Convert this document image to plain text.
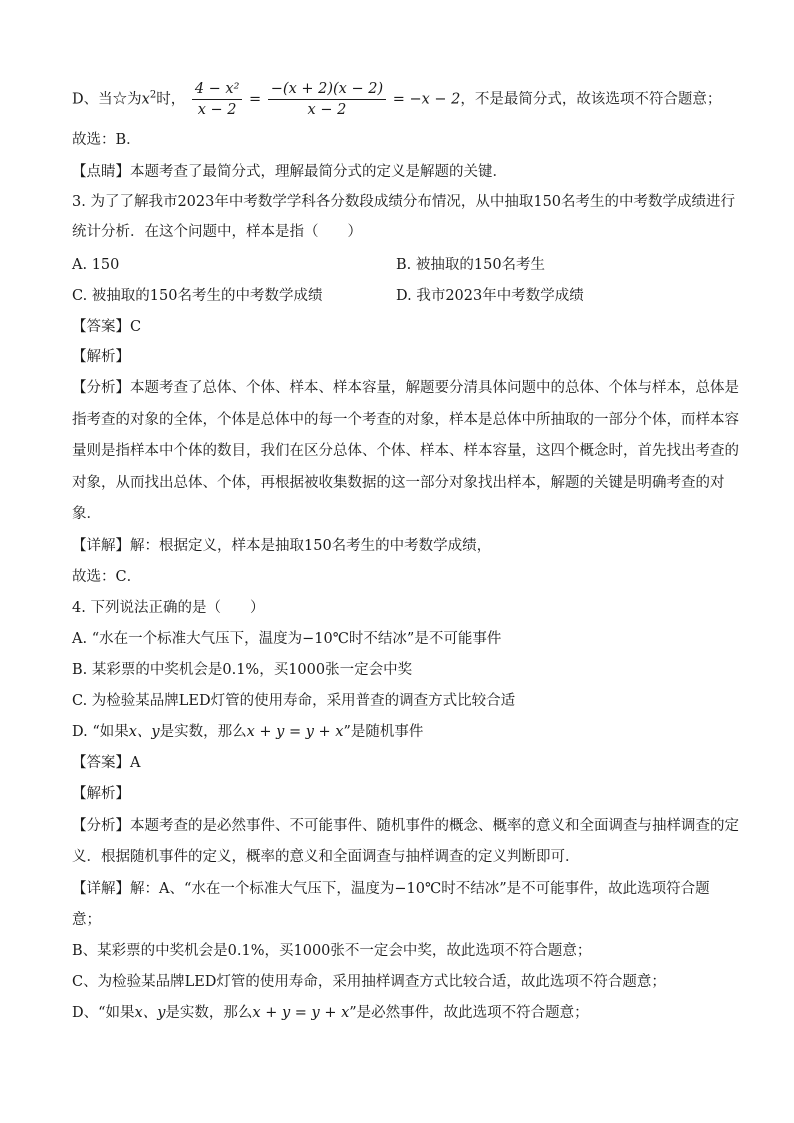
D、当☆为$x^2$时， $\frac{\text{4 − x²}}{x - 2} = \frac{-(x + 2)(x - 2)}{x - 2} = -x - 2$，不是最简分式，故该选项不符合题意；
故选：B．
【点睛】本题考查了最简分式，理解最简分式的定义是解题的关键．
3. 为了了解我市2023年中考数学学科各分数段成绩分布情况，从中抽取150名考生的中考数学成绩进行
统计分析．在这个问题中，样本是指（　　）
A. 150	B. 被抽取的150名考生
C. 被抽取的150名考生的中考数学成绩	D. 我市2023年中考数学成绩
【答案】C
【解析】
【分析】本题考查了总体、个体、样本、样本容量，解题要分清具体问题中的总体、个体与样本，总体是
指考查的对象的全体，个体是总体中的每一个考查的对象，样本是总体中所抽取的一部分个体，而样本容
量则是指样本中个体的数目，我们在区分总体、个体、样本、样本容量，这四个概念时，首先找出考查的
对象，从而找出总体、个体，再根据被收集数据的这一部分对象找出样本，解题的关键是明确考查的对
象．
【详解】解：根据定义，样本是抽取150名考生的中考数学成绩，
故选：C．
4. 下列说法正确的是（　　）
A. “水在一个标准大气压下，温度为−10℃时不结冰”是不可能事件
B. 某彩票的中奖机会是0.1%，买1000张一定会中奖
C. 为检验某品牌LED灯管的使用寿命，采用普查的调查方式比较合适
D. “如果x、y是实数，那么x + y = y + x”是随机事件
【答案】A
【解析】
【分析】本题考查的是必然事件、不可能事件、随机事件的概念、概率的意义和全面调查与抽样调查的定
义．根据随机事件的定义，概率的意义和全面调查与抽样调查的定义判断即可．
【详解】解：A、“水在一个标准大气压下，温度为−10℃时不结冰”是不可能事件，故此选项符合题
意；
B、某彩票的中奖机会是0.1%，买1000张不一定会中奖，故此选项不符合题意；
C、为检验某品牌LED灯管的使用寿命，采用抽样调查方式比较合适，故此选项不符合题意；
D、“如果x、y是实数，那么x + y = y + x”是必然事件，故此选项不符合题意；
